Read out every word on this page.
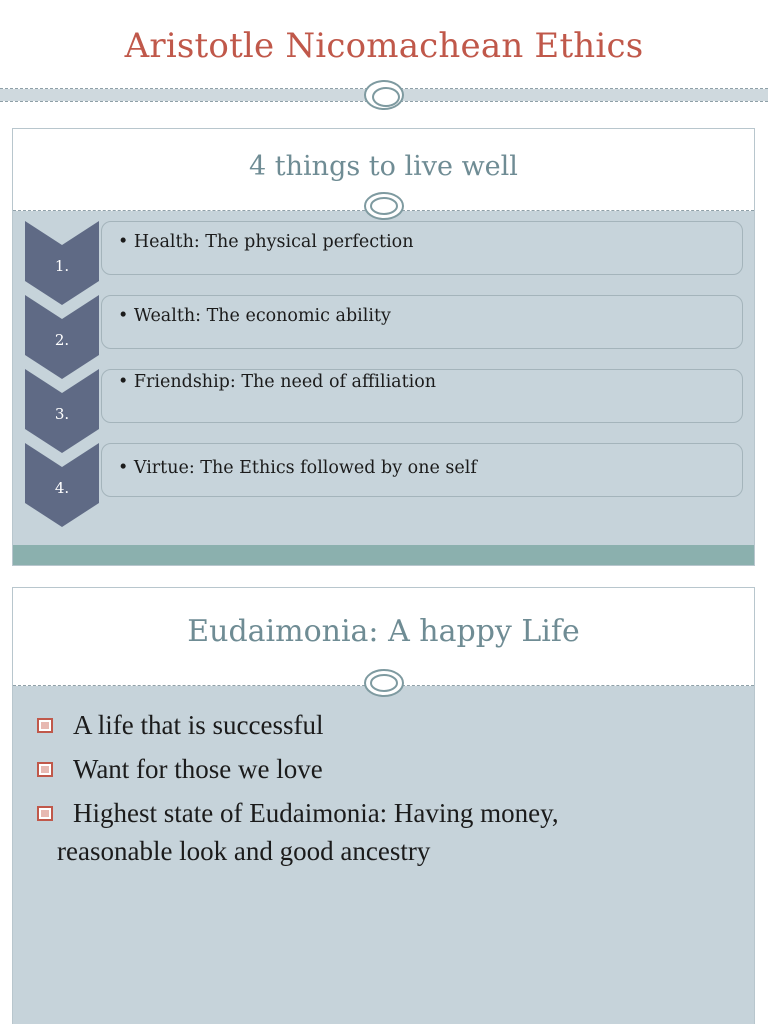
Aristotle Nicomachean Ethics
4 things to live well
1.
• Health: The physical perfection
2.
• Wealth: The economic ability
3.
• Friendship: The need of affiliation
4.
• Virtue: The Ethics followed by one self
Eudaimonia: A happy Life
A life that is successful
Want for those we love
Highest state of Eudaimonia: Having money,
reasonable look and good ancestry
